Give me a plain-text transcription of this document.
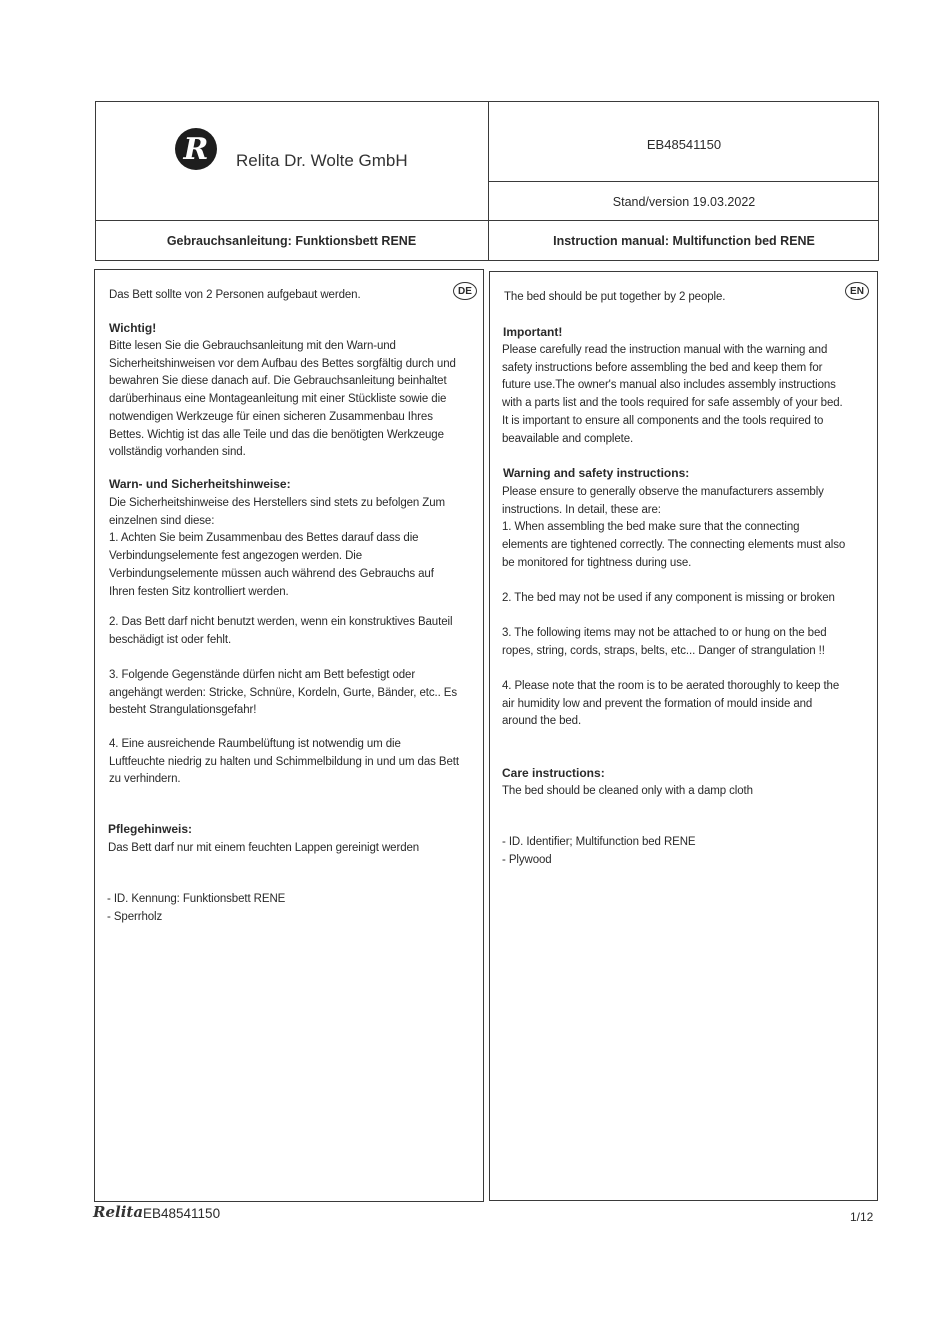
R Relita Dr. Wolte GmbH
EB48541150
Stand/version 19.03.2022
Gebrauchsanleitung: Funktionsbett RENE	Instruction manual: Multifunction bed RENE
DE
Das Bett sollte von 2 Personen aufgebaut werden.
Wichtig!
Bitte lesen Sie die Gebrauchsanleitung mit den Warn-und
Sicherheitshinweisen vor dem Aufbau des Bettes sorgfältig durch und
bewahren Sie diese danach auf. Die Gebrauchsanleitung beinhaltet
darüberhinaus eine Montageanleitung mit einer Stückliste sowie die
notwendigen Werkzeuge für einen sicheren Zusammenbau Ihres
Bettes. Wichtig ist das alle Teile und das die benötigten Werkzeuge
vollständig vorhanden sind.
Warn- und Sicherheitshinweise:
Die Sicherheitshinweise des Herstellers sind stets zu befolgen Zum
einzelnen sind diese:
1. Achten Sie beim Zusammenbau des Bettes darauf dass die
Verbindungselemente fest angezogen werden. Die
Verbindungselemente müssen auch während des Gebrauchs auf
Ihren festen Sitz kontrolliert werden.
2. Das Bett darf nicht benutzt werden, wenn ein konstruktives Bauteil
beschädigt ist oder fehlt.
3. Folgende Gegenstände dürfen nicht am Bett befestigt oder
angehängt werden: Stricke, Schnüre, Kordeln, Gurte, Bänder, etc.. Es
besteht Strangulationsgefahr!
4. Eine ausreichende Raumbelüftung ist notwendig um die
Luftfeuchte niedrig zu halten und Schimmelbildung in und um das Bett
zu verhindern.
Pflegehinweis:
Das Bett darf nur mit einem feuchten Lappen gereinigt werden
- ID. Kennung: Funktionsbett RENE
- Sperrholz
EN
The bed should be put together by 2 people.
Important!
Please carefully read the instruction manual with the warning and
safety instructions before assembling the bed and keep them for
future use.The owner's manual also includes assembly instructions
with a parts list and the tools required for safe assembly of your bed.
It is important to ensure all components and the tools required to
beavailable and complete.
Warning and safety instructions:
Please ensure to generally observe the manufacturers assembly
instructions. In detail, these are:
1. When assembling the bed make sure that the connecting
elements are tightened correctly. The connecting elements must also
be monitored for tightness during use.
2. The bed may not be used if any component is missing or broken
3. The following items may not be attached to or hung on the bed
ropes, string, cords, straps, belts, etc... Danger of strangulation !!
4. Please note that the room is to be aerated thoroughly to keep the
air humidity low and prevent the formation of mould inside and
around the bed.
Care instructions:
The bed should be cleaned only with a damp cloth
- ID. Identifier; Multifunction bed RENE
- Plywood
Relita EB48541150	1/12
